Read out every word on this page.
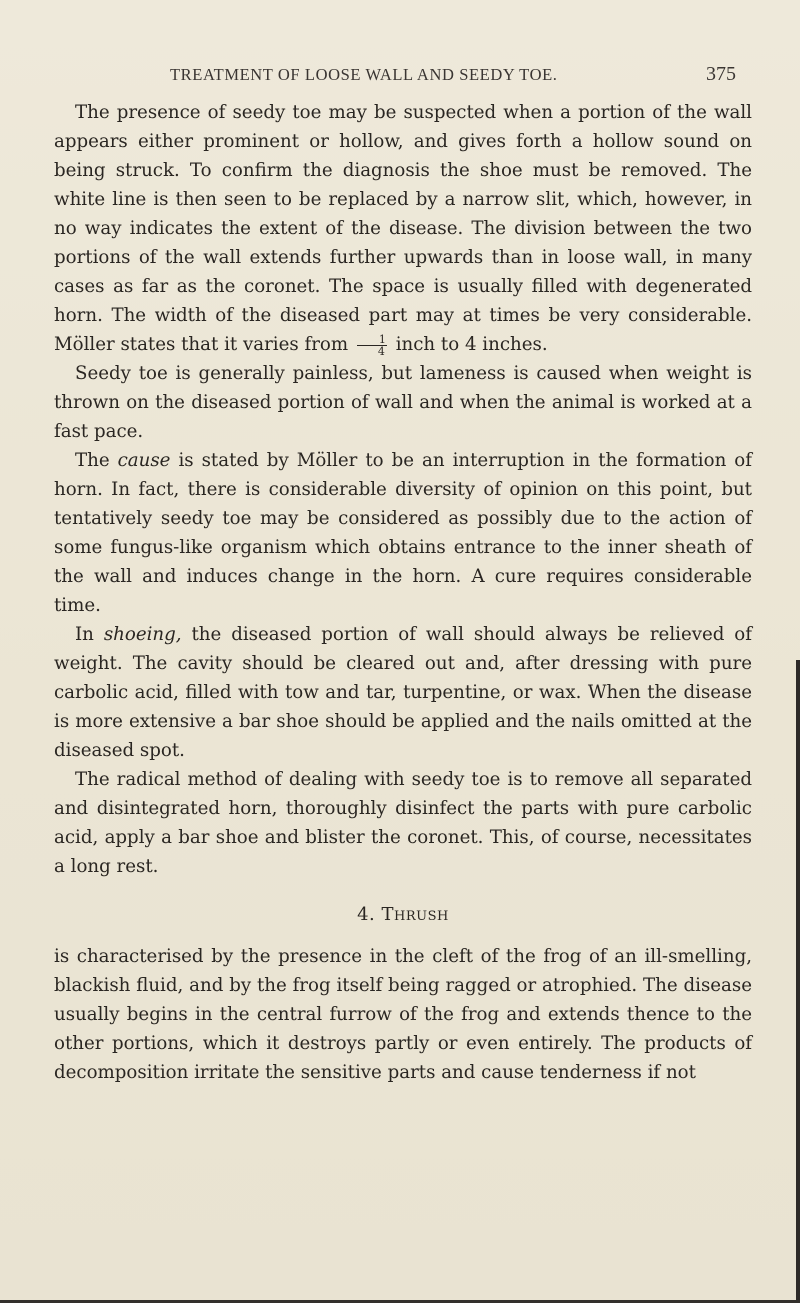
TREATMENT OF LOOSE WALL AND SEEDY TOE.	375

The presence of seedy toe may be suspected when a portion of the wall appears either prominent or hollow, and gives forth a hollow sound on being struck. To confirm the diagnosis the shoe must be removed. The white line is then seen to be replaced by a narrow slit, which, however, in no way indicates the extent of the disease. The division between the two portions of the wall extends further upwards than in loose wall, in many cases as far as the coronet. The space is usually filled with degenerated horn. The width of the diseased part may at times be very considerable. Möller states that it varies from $\frac{1}{4}$ inch to 4 inches.

Seedy toe is generally painless, but lameness is caused when weight is thrown on the diseased portion of wall and when the animal is worked at a fast pace.

The cause is stated by Möller to be an interruption in the formation of horn. In fact, there is considerable diversity of opinion on this point, but tentatively seedy toe may be considered as possibly due to the action of some fungus-like organism which obtains entrance to the inner sheath of the wall and induces change in the horn. A cure requires considerable time.

In shoeing, the diseased portion of wall should always be relieved of weight. The cavity should be cleared out and, after dressing with pure carbolic acid, filled with tow and tar, turpentine, or wax. When the disease is more extensive a bar shoe should be applied and the nails omitted at the diseased spot.

The radical method of dealing with seedy toe is to remove all separated and disintegrated horn, thoroughly disinfect the parts with pure carbolic acid, apply a bar shoe and blister the coronet. This, of course, necessitates a long rest.

4. Thrush

is characterised by the presence in the cleft of the frog of an ill-smelling, blackish fluid, and by the frog itself being ragged or atrophied. The disease usually begins in the central furrow of the frog and extends thence to the other portions, which it destroys partly or even entirely. The products of decomposition irritate the sensitive parts and cause tenderness if not
